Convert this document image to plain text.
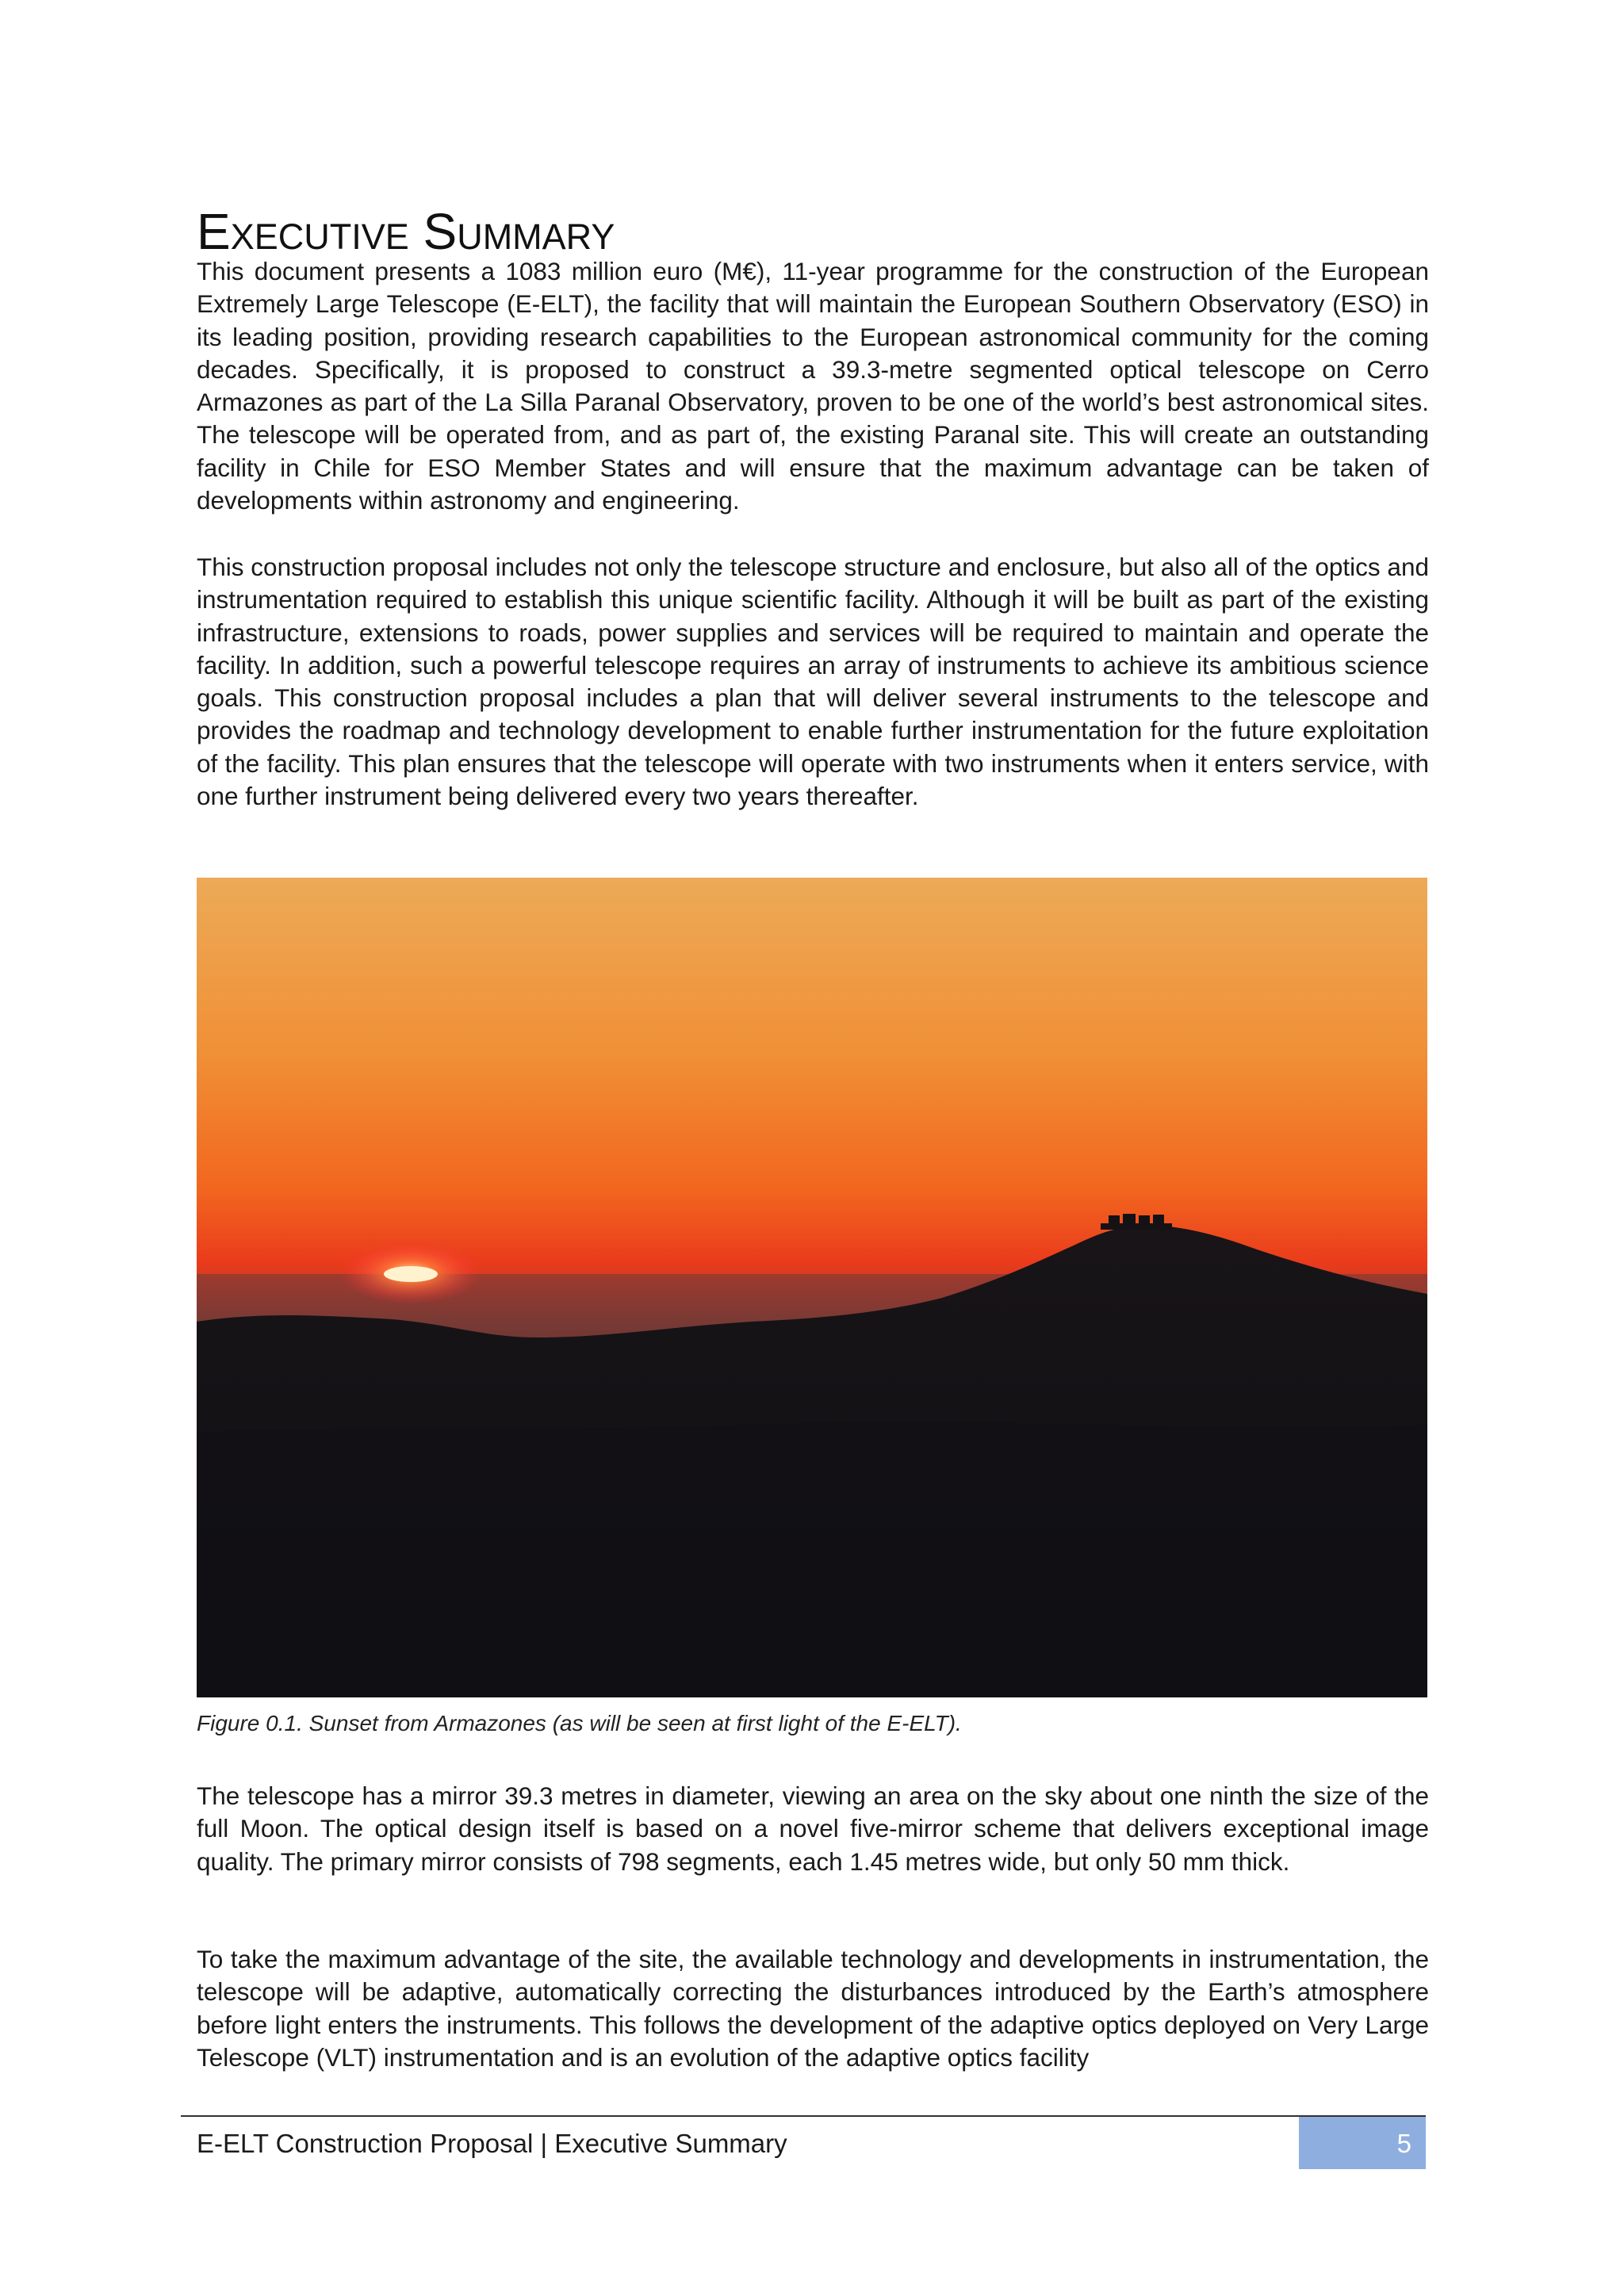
Executive Summary

This document presents a 1083 million euro (M€), 11-year programme for the construction of the European Extremely Large Telescope (E-ELT), the facility that will maintain the European Southern Observatory (ESO) in its leading position, providing research capabilities to the European astronomical community for the coming decades. Specifically, it is proposed to construct a 39.3-metre segmented optical telescope on Cerro Armazones as part of the La Silla Paranal Observatory, proven to be one of the world’s best astronomical sites. The telescope will be operated from, and as part of, the existing Paranal site. This will create an outstanding facility in Chile for ESO Member States and will ensure that the maximum advantage can be taken of developments within astronomy and engineering.

This construction proposal includes not only the telescope structure and enclosure, but also all of the optics and instrumentation required to establish this unique scientific facility. Although it will be built as part of the existing infrastructure, extensions to roads, power supplies and services will be required to maintain and operate the facility. In addition, such a powerful telescope requires an array of instruments to achieve its ambitious science goals. This construction proposal includes a plan that will deliver several instruments to the telescope and provides the roadmap and technology development to enable further instrumentation for the future exploitation of the facility. This plan ensures that the telescope will operate with two instruments when it enters service, with one further instrument being delivered every two years thereafter.

Figure 0.1. Sunset from Armazones (as will be seen at first light of the E-ELT).

The telescope has a mirror 39.3 metres in diameter, viewing an area on the sky about one ninth the size of the full Moon. The optical design itself is based on a novel five-mirror scheme that delivers exceptional image quality. The primary mirror consists of 798 segments, each 1.45 metres wide, but only 50 mm thick.

To take the maximum advantage of the site, the available technology and developments in instrumentation, the telescope will be adaptive, automatically correcting the disturbances introduced by the Earth’s atmosphere before light enters the instruments. This follows the development of the adaptive optics deployed on Very Large Telescope (VLT) instrumentation and is an evolution of the adaptive optics facility

E-ELT Construction Proposal | Executive Summary	5
